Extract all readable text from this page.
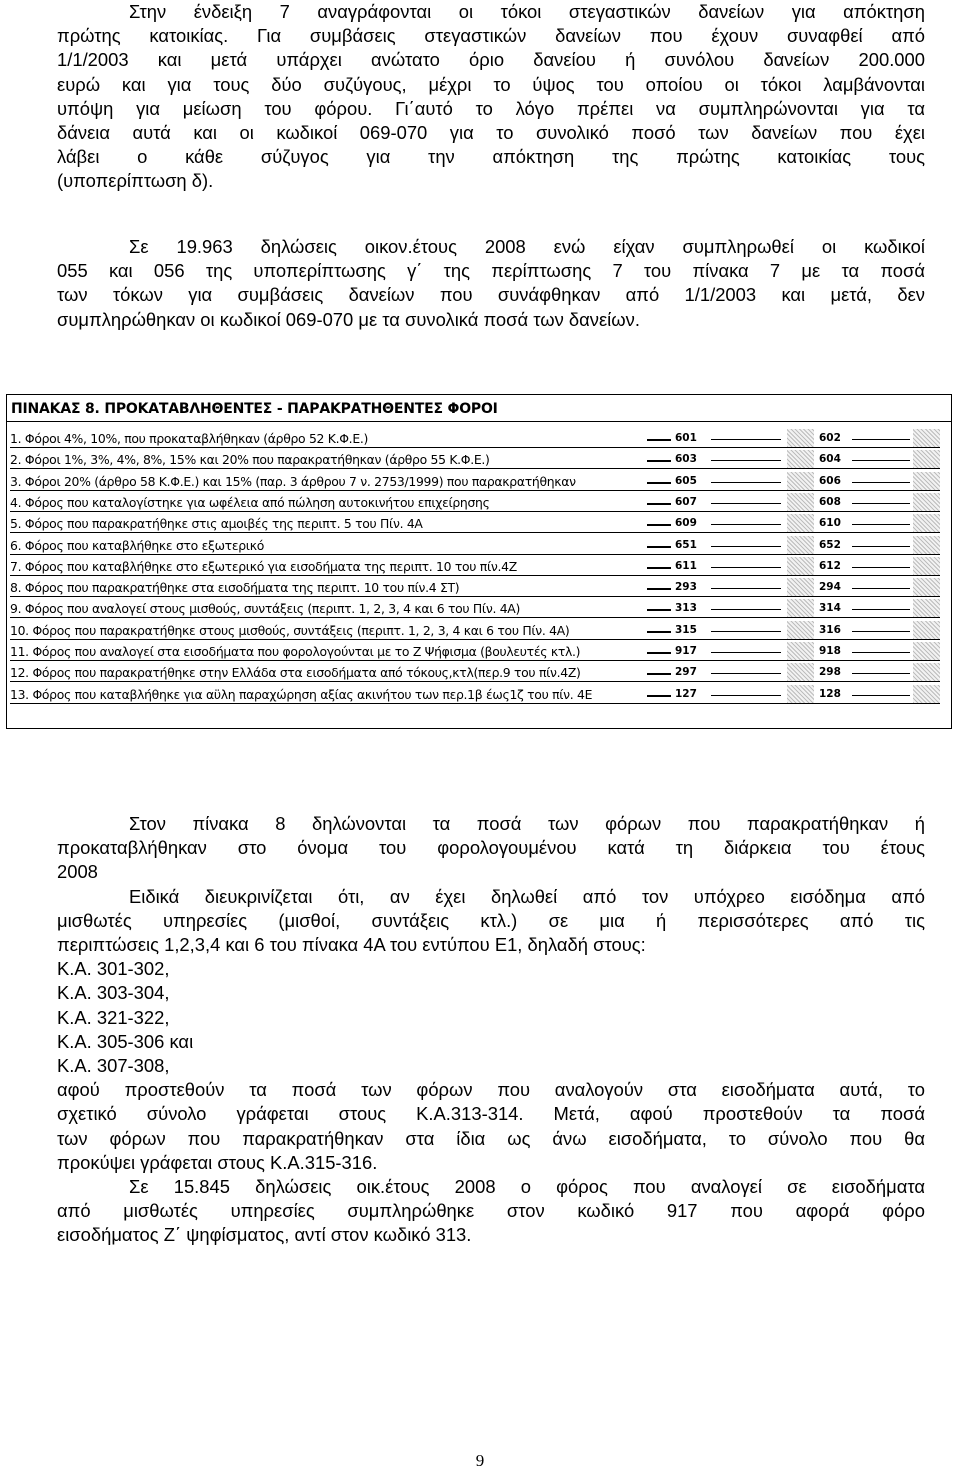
Στην ένδειξη 7 αναγράφονται οι τόκοι στεγαστικών δανείων για απόκτηση
πρώτης κατοικίας. Για συμβάσεις στεγαστικών δανείων που έχουν συναφθεί από
1/1/2003 και μετά υπάρχει ανώτατο όριο δανείου ή συνόλου δανείων 200.000
ευρώ και για τους δύο συζύγους, μέχρι το ύψος του οποίου οι τόκοι λαμβάνονται
υπόψη για μείωση του φόρου. Γι΄αυτό το λόγο πρέπει να συμπληρώνονται για τα
δάνεια αυτά και οι κωδικοί 069-070 για το συνολικό ποσό των δανείων που έχει
λάβει ο κάθε σύζυγος για την απόκτηση της πρώτης κατοικίας τους
(υποπερίπτωση δ).
Σε 19.963 δηλώσεις οικον.έτους 2008 ενώ είχαν συμπληρωθεί οι κωδικοί
055 και 056 της υποπερίπτωσης γ΄ της περίπτωσης 7 του πίνακα 7 με τα ποσά
των τόκων για συμβάσεις δανείων που συνάφθηκαν από 1/1/2003 και μετά, δεν
συμπληρώθηκαν οι κωδικοί 069-070 με τα συνολικά ποσά των δανείων.
ΠΙΝΑΚΑΣ 8. ΠΡΟΚΑΤΑΒΛΗΘΕΝΤΕΣ - ΠΑΡΑΚΡΑΤΗΘΕΝΤΕΣ ΦΟΡΟΙ
1. Φόροι 4%, 10%, που προκαταβλήθηκαν (άρθρο 52 Κ.Φ.Ε.)	601	602
2. Φόροι 1%, 3%, 4%, 8%, 15% και 20% που παρακρατήθηκαν (άρθρο 55 Κ.Φ.Ε.)	603	604
3. Φόροι 20% (άρθρο 58 Κ.Φ.Ε.) και 15% (παρ. 3 άρθρου 7 ν. 2753/1999) που παρακρατήθηκαν	605	606
4. Φόρος που καταλογίστηκε για ωφέλεια από πώληση αυτοκινήτου επιχείρησης	607	608
5. Φόρος που παρακρατήθηκε στις αμοιβές της περιπτ. 5 του Πίν. 4Α	609	610
6. Φόρος που καταβλήθηκε στο εξωτερικό	651	652
7. Φόρος που καταβλήθηκε στο εξωτερικό για εισοδήματα της περιπτ. 10 του πίν.4Ζ	611	612
8. Φόρος που παρακρατήθηκε στα εισοδήματα της περιπτ. 10 του πίν.4 ΣΤ)	293	294
9. Φόρος που αναλογεί στους μισθούς, συντάξεις (περιπτ. 1, 2, 3, 4 και 6 του Πίν. 4Α)	313	314
10. Φόρος που παρακρατήθηκε στους μισθούς, συντάξεις (περιπτ. 1, 2, 3, 4 και 6 του Πίν. 4Α)	315	316
11. Φόρος που αναλογεί στα εισοδήματα που φορολογούνται με το Ζ Ψήφισμα (βουλευτές κτλ.)	917	918
12. Φόρος που παρακρατήθηκε στην Ελλάδα στα εισοδήματα από τόκους,κτλ(περ.9 του πίν.4Ζ)	297	298
13. Φόρος που καταβλήθηκε για αϋλη παραχώρηση αξίας ακινήτου των περ.1β έως1ζ του πίν. 4Ε	127	128
Στον πίνακα 8 δηλώνονται τα ποσά των φόρων που παρακρατήθηκαν ή
προκαταβλήθηκαν στο όνομα του φορολογουμένου κατά τη διάρκεια του έτους
2008
Ειδικά διευκρινίζεται ότι, αν έχει δηλωθεί από τον υπόχρεο εισόδημα από
μισθωτές υπηρεσίες (μισθοί, συντάξεις κτλ.) σε μια ή περισσότερες από τις
περιπτώσεις 1,2,3,4 και 6 του πίνακα 4Α του εντύπου Ε1, δηλαδή στους:
Κ.Α. 301-302,
Κ.Α. 303-304,
Κ.Α. 321-322,
Κ.Α. 305-306 και
Κ.Α. 307-308,
αφού προστεθούν τα ποσά των φόρων που αναλογούν στα εισοδήματα αυτά, το
σχετικό σύνολο γράφεται στους Κ.Α.313-314. Μετά, αφού προστεθούν τα ποσά
των φόρων που παρακρατήθηκαν στα ίδια ως άνω εισοδήματα, το σύνολο που θα
προκύψει γράφεται στους Κ.Α.315-316.
Σε 15.845 δηλώσεις οικ.έτους 2008 ο φόρος που αναλογεί σε εισοδήματα
από μισθωτές υπηρεσίες συμπληρώθηκε στον κωδικό 917 που αφορά φόρο
εισοδήματος Ζ΄ ψηφίσματος, αντί στον κωδικό 313.
9
